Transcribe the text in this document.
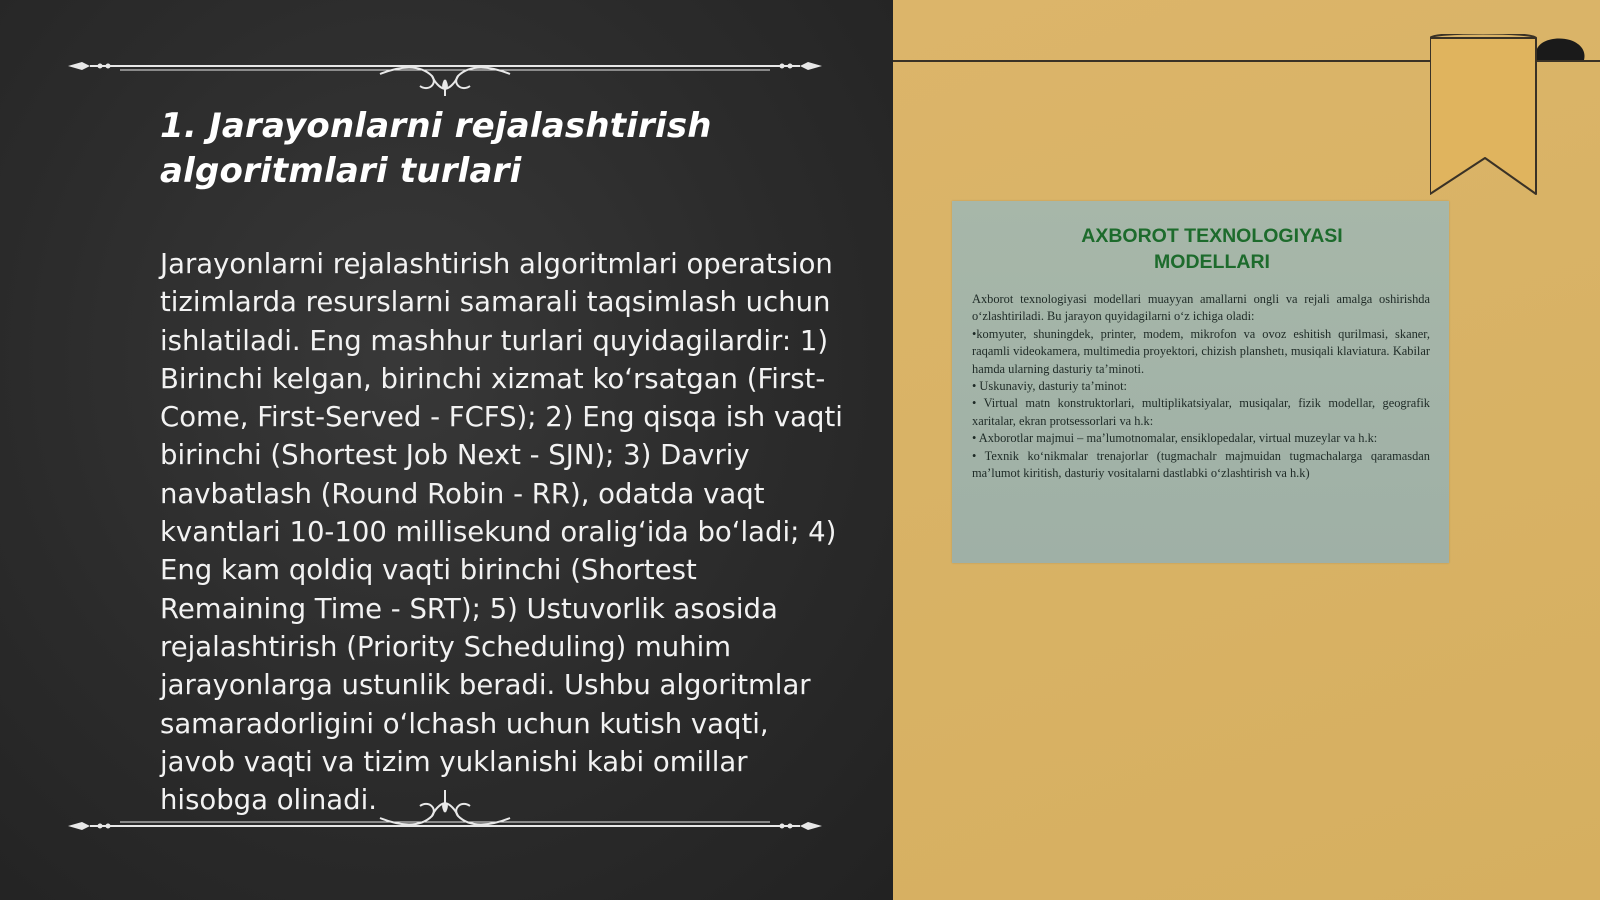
1. Jarayonlarni rejalashtirish algoritmlari turlari

Jarayonlarni rejalashtirish algoritmlari operatsion tizimlarda resurslarni samarali taqsimlash uchun ishlatiladi. Eng mashhur turlari quyidagilardir: 1) Birinchi kelgan, birinchi xizmat koʻrsatgan (First-Come, First-Served - FCFS); 2) Eng qisqa ish vaqti birinchi (Shortest Job Next - SJN); 3) Davriy navbatlash (Round Robin - RR), odatda vaqt kvantlari 10-100 millisekund oraligʻida boʻladi; 4) Eng kam qoldiq vaqti birinchi (Shortest Remaining Time - SRT); 5) Ustuvorlik asosida rejalashtirish (Priority Scheduling) muhim jarayonlarga ustunlik beradi. Ushbu algoritmlar samaradorligini oʻlchash uchun kutish vaqti, javob vaqti va tizim yuklanishi kabi omillar hisobga olinadi.

AXBOROT TEXNOLOGIYASI
MODELLARI

Axborot texnologiyasi modellari muayyan amallarni ongli va rejali amalga oshirishda oʻzlashtiriladi. Bu jarayon quyidagilarni oʻz ichiga oladi:

•komyuter, shuningdek, printer, modem, mikrofon va ovoz eshitish qurilmasi, skaner, raqamli videokamera, multimedia proyektori, chizish planshetı, musiqali klaviatura. Kabilar hamda ularning dasturiy taʼminoti.

• Uskunaviy, dasturiy taʼminot:

• Virtual matn konstruktorlari, multiplikatsiyalar, musiqalar, fizik modellar, geografik xaritalar, ekran protsessorlari va h.k:

• Axborotlar majmui – maʼlumotnomalar, ensiklopedalar, virtual muzeylar va h.k:

• Texnik koʻnikmalar trenajorlar (tugmachalr majmuidan tugmachalarga qaramasdan maʼlumot kiritish, dasturiy vositalarni dastlabki oʻzlashtirish va h.k)
